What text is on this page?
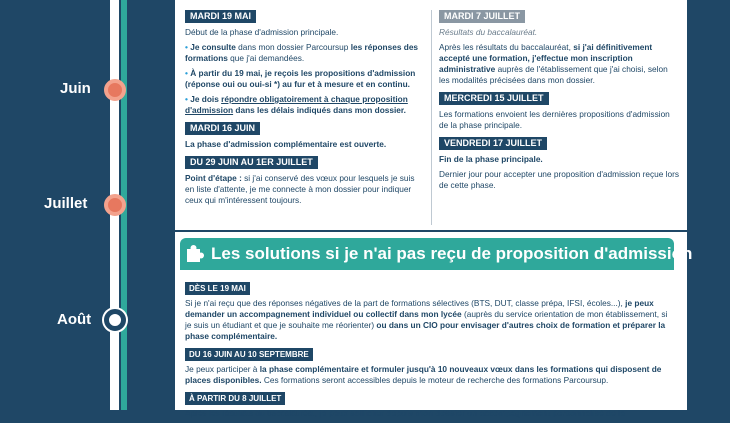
Juin
Juillet
Août
MARDI 19 MAI
Début de la phase d'admission principale.
• Je consulte dans mon dossier Parcoursup les réponses des formations que j'ai demandées.
• À partir du 19 mai, je reçois les propositions d'admission (réponse oui ou oui-si *) au fur et à mesure et en continu.
• Je dois répondre obligatoirement à chaque proposition d'admission dans les délais indiqués dans mon dossier.
MARDI 16 JUIN
La phase d'admission complémentaire est ouverte.
DU 29 JUIN AU 1ER JUILLET
Point d'étape : si j'ai conservé des vœux pour lesquels je suis en liste d'attente, je me connecte à mon dossier pour indiquer ceux qui m'intéressent toujours.
MARDI 7 JUILLET
Résultats du baccalauréat.
Après les résultats du baccalauréat, si j'ai définitivement accepté une formation, j'effectue mon inscription administrative auprès de l'établissement que j'ai choisi, selon les modalités précisées dans mon dossier.
MERCREDI 15 JUILLET
Les formations envoient les dernières propositions d'admission de la phase principale.
VENDREDI 17 JUILLET
Fin de la phase principale.
Dernier jour pour accepter une proposition d'admission reçue lors de cette phase.
Les solutions si je n'ai pas reçu de proposition d'admission
DÈS LE 19 MAI
Si je n'ai reçu que des réponses négatives de la part de formations sélectives (BTS, DUT, classe prépa, IFSI, écoles...), je peux demander un accompagnement individuel ou collectif dans mon lycée (auprès du service orientation de mon établissement, si je suis un étudiant et que je souhaite me réorienter) ou dans un CIO pour envisager d'autres choix de formation et préparer la phase complémentaire.
DU 16 JUIN AU 10 SEPTEMBRE
Je peux participer à la phase complémentaire et formuler jusqu'à 10 nouveaux vœux dans les formations qui disposent de places disponibles. Ces formations seront accessibles depuis le moteur de recherche des formations Parcoursup.
À PARTIR DU 8 JUILLET
Après les résultats du baccalauréat, je peux solliciter depuis mon dossier un accompagnement personnalisé de la
